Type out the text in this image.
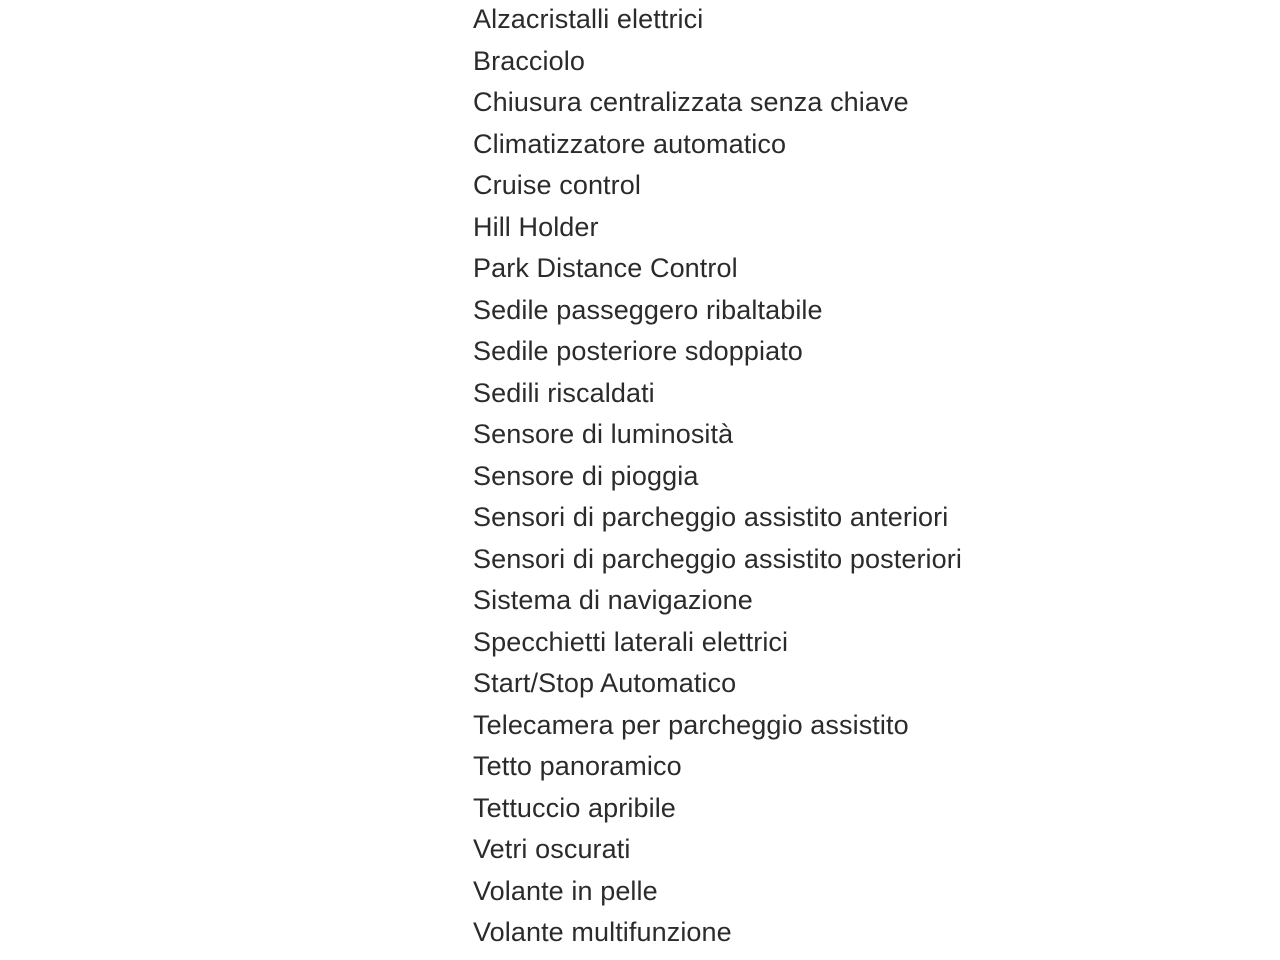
Alzacristalli elettrici
Bracciolo
Chiusura centralizzata senza chiave
Climatizzatore automatico
Cruise control
Hill Holder
Park Distance Control
Sedile passeggero ribaltabile
Sedile posteriore sdoppiato
Sedili riscaldati
Sensore di luminosità
Sensore di pioggia
Sensori di parcheggio assistito anteriori
Sensori di parcheggio assistito posteriori
Sistema di navigazione
Specchietti laterali elettrici
Start/Stop Automatico
Telecamera per parcheggio assistito
Tetto panoramico
Tettuccio apribile
Vetri oscurati
Volante in pelle
Volante multifunzione
